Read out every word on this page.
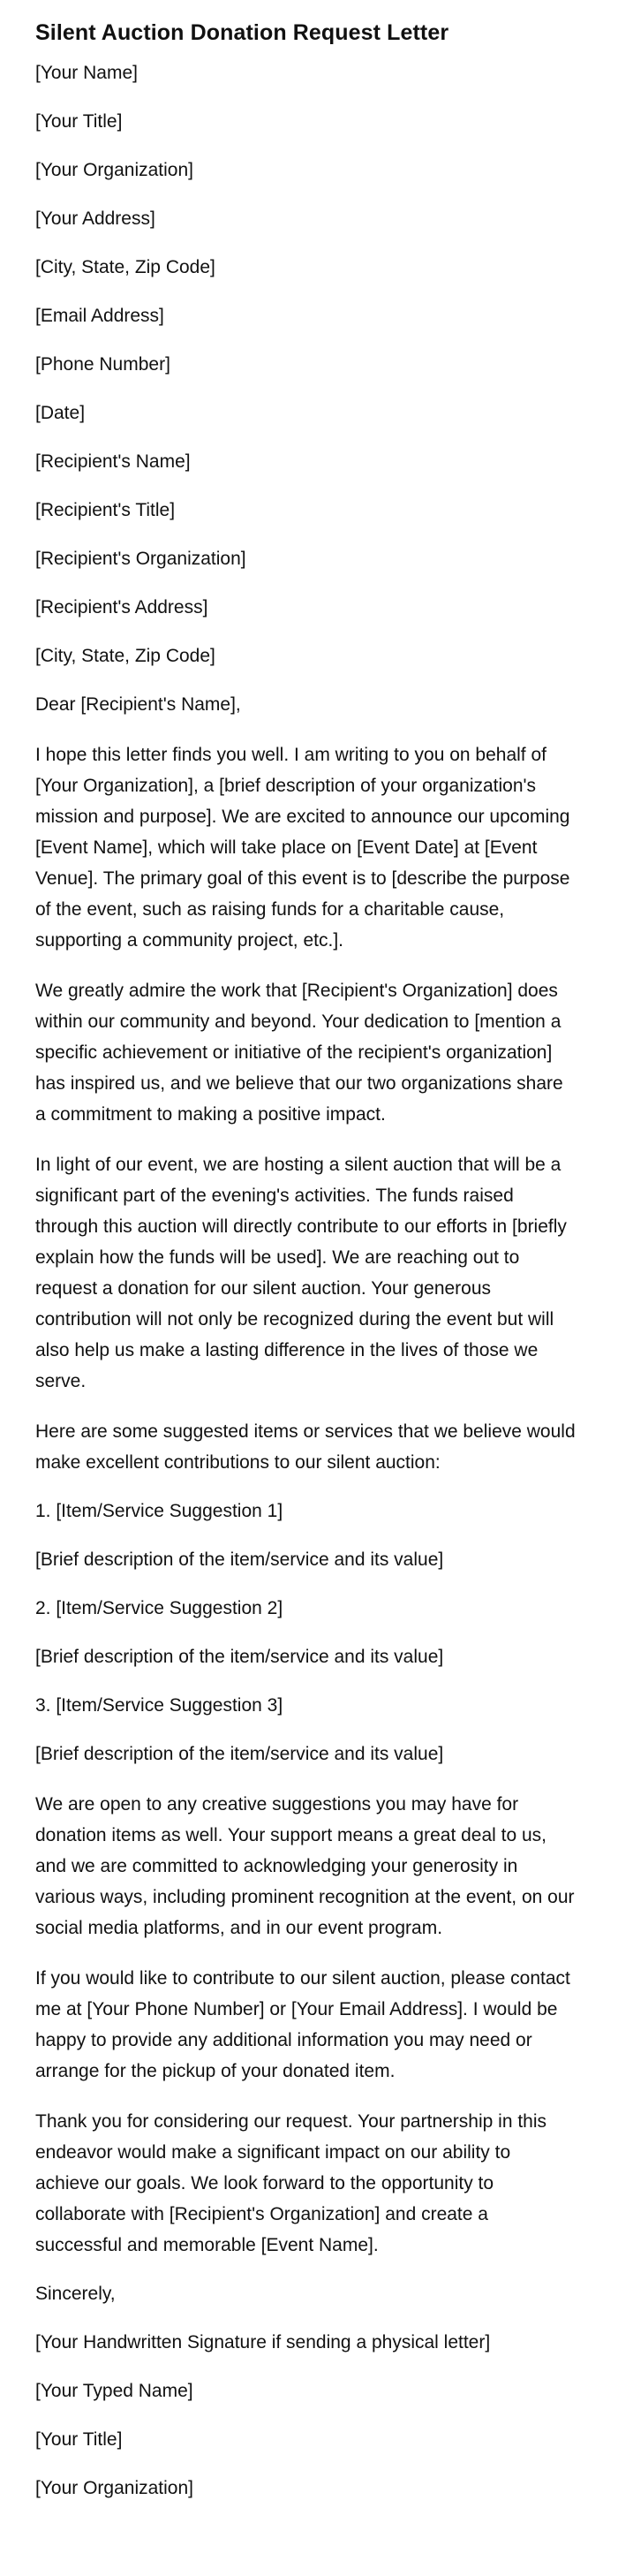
Silent Auction Donation Request Letter

[Your Name]

[Your Title]

[Your Organization]

[Your Address]

[City, State, Zip Code]

[Email Address]

[Phone Number]

[Date]

[Recipient's Name]

[Recipient's Title]

[Recipient's Organization]

[Recipient's Address]

[City, State, Zip Code]

Dear [Recipient's Name],

I hope this letter finds you well. I am writing to you on behalf of [Your Organization], a [brief description of your organization's mission and purpose]. We are excited to announce our upcoming [Event Name], which will take place on [Event Date] at [Event Venue]. The primary goal of this event is to [describe the purpose of the event, such as raising funds for a charitable cause, supporting a community project, etc.].

We greatly admire the work that [Recipient's Organization] does within our community and beyond. Your dedication to [mention a specific achievement or initiative of the recipient's organization] has inspired us, and we believe that our two organizations share a commitment to making a positive impact.

In light of our event, we are hosting a silent auction that will be a significant part of the evening's activities. The funds raised through this auction will directly contribute to our efforts in [briefly explain how the funds will be used]. We are reaching out to request a donation for our silent auction. Your generous contribution will not only be recognized during the event but will also help us make a lasting difference in the lives of those we serve.

Here are some suggested items or services that we believe would make excellent contributions to our silent auction:

1. [Item/Service Suggestion 1]

[Brief description of the item/service and its value]

2. [Item/Service Suggestion 2]

[Brief description of the item/service and its value]

3. [Item/Service Suggestion 3]

[Brief description of the item/service and its value]

We are open to any creative suggestions you may have for donation items as well. Your support means a great deal to us, and we are committed to acknowledging your generosity in various ways, including prominent recognition at the event, on our social media platforms, and in our event program.

If you would like to contribute to our silent auction, please contact me at [Your Phone Number] or [Your Email Address]. I would be happy to provide any additional information you may need or arrange for the pickup of your donated item.

Thank you for considering our request. Your partnership in this endeavor would make a significant impact on our ability to achieve our goals. We look forward to the opportunity to collaborate with [Recipient's Organization] and create a successful and memorable [Event Name].

Sincerely,

[Your Handwritten Signature if sending a physical letter]

[Your Typed Name]

[Your Title]

[Your Organization]
